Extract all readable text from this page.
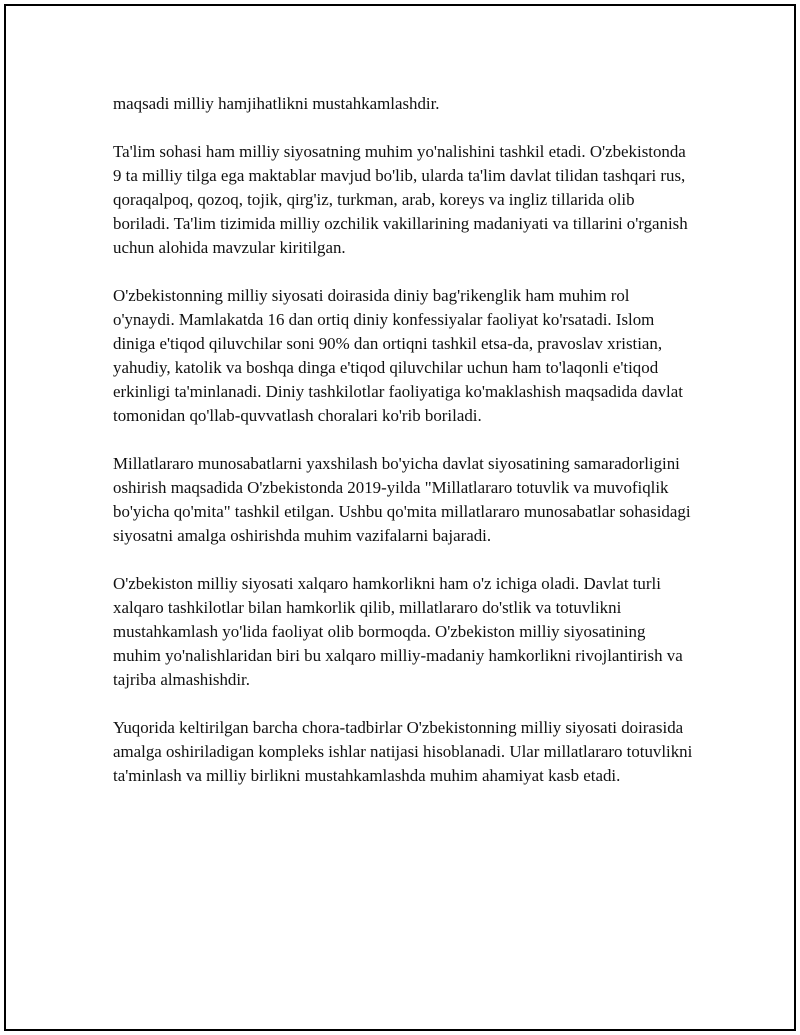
maqsadi milliy hamjihatlikni mustahkamlashdir.

Ta'lim sohasi ham milliy siyosatning muhim yo'nalishini tashkil etadi. O'zbekistonda 9 ta milliy tilga ega maktablar mavjud bo'lib, ularda ta'lim davlat tilidan tashqari rus, qoraqalpoq, qozoq, tojik, qirg'iz, turkman, arab, koreys va ingliz tillarida olib boriladi. Ta'lim tizimida milliy ozchilik vakillarining madaniyati va tillarini o'rganish uchun alohida mavzular kiritilgan.

O'zbekistonning milliy siyosati doirasida diniy bag'rikenglik ham muhim rol o'ynaydi. Mamlakatda 16 dan ortiq diniy konfessiyalar faoliyat ko'rsatadi. Islom diniga e'tiqod qiluvchilar soni 90% dan ortiqni tashkil etsa-da, pravoslav xristian, yahudiy, katolik va boshqa dinga e'tiqod qiluvchilar uchun ham to'laqonli e'tiqod erkinligi ta'minlanadi. Diniy tashkilotlar faoliyatiga ko'maklashish maqsadida davlat tomonidan qo'llab-quvvatlash choralari ko'rib boriladi.

Millatlararo munosabatlarni yaxshilash bo'yicha davlat siyosatining samaradorligini oshirish maqsadida O'zbekistonda 2019-yilda "Millatlararo totuvlik va muvofiqlik bo'yicha qo'mita" tashkil etilgan. Ushbu qo'mita millatlararo munosabatlar sohasidagi siyosatni amalga oshirishda muhim vazifalarni bajaradi.

O'zbekiston milliy siyosati xalqaro hamkorlikni ham o'z ichiga oladi. Davlat turli xalqaro tashkilotlar bilan hamkorlik qilib, millatlararo do'stlik va totuvlikni mustahkamlash yo'lida faoliyat olib bormoqda. O'zbekiston milliy siyosatining muhim yo'nalishlaridan biri bu xalqaro milliy-madaniy hamkorlikni rivojlantirish va tajriba almashishdir.

Yuqorida keltirilgan barcha chora-tadbirlar O'zbekistonning milliy siyosati doirasida amalga oshiriladigan kompleks ishlar natijasi hisoblanadi. Ular millatlararo totuvlikni ta'minlash va milliy birlikni mustahkamlashda muhim ahamiyat kasb etadi.
